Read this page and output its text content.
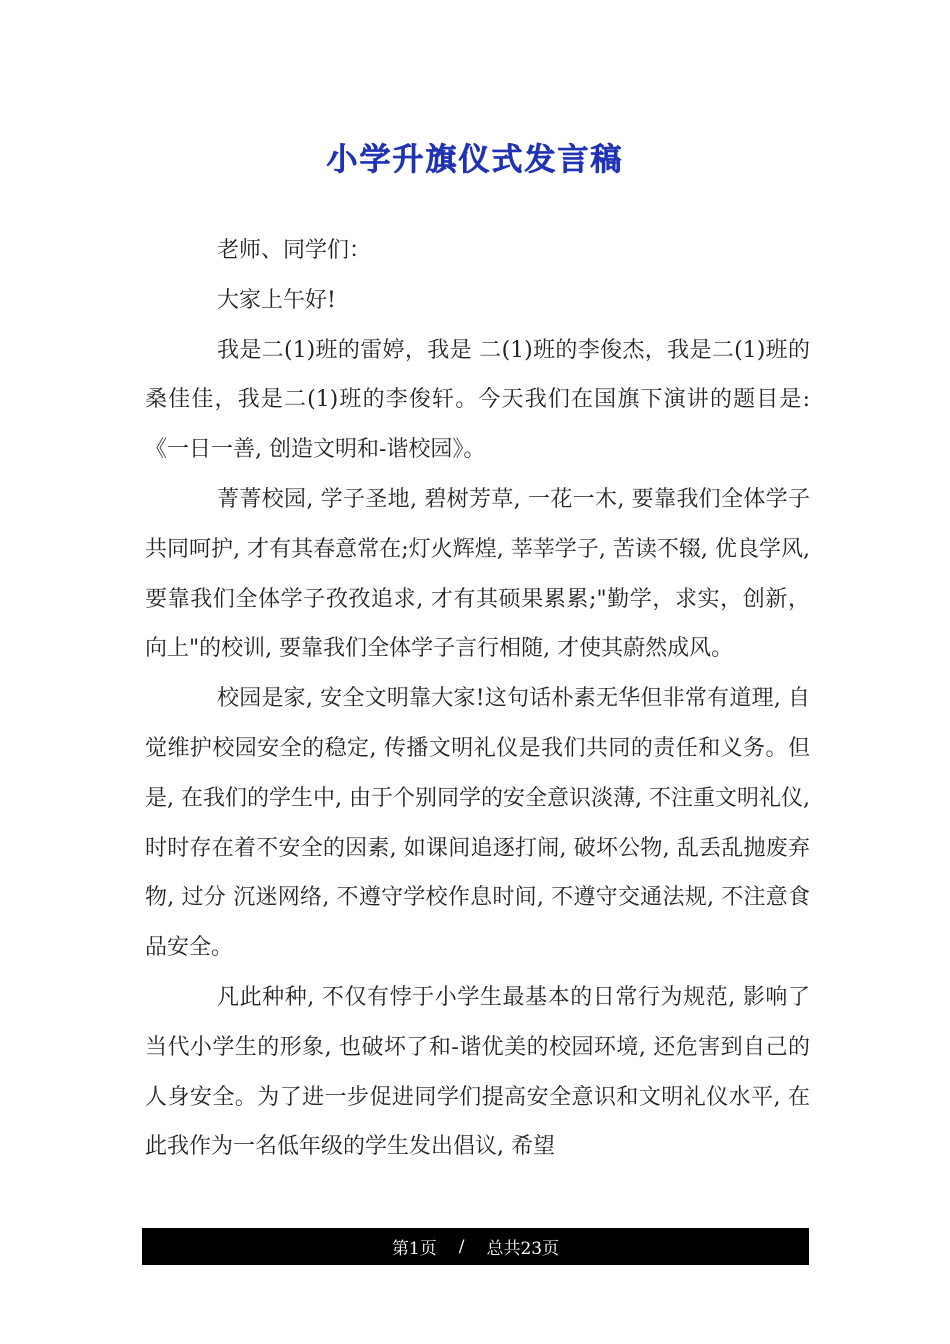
小学升旗仪式发言稿

老师、同学们：

大家上午好!

我是二(1)班的雷婷，我是 二(1)班的李俊杰，我是二(1)班的桑佳佳，我是二(1)班的李俊轩。今天我们在国旗下演讲的题目是:《一日一善, 创造文明和-谐校园》。

菁菁校园, 学子圣地, 碧树芳草, 一花一木, 要靠我们全体学子共同呵护, 才有其春意常在;灯火辉煌, 莘莘学子, 苦读不辍, 优良学风, 要靠我们全体学子孜孜追求, 才有其硕果累累;"勤学，求实，创新，向上"的校训, 要靠我们全体学子言行相随, 才使其蔚然成风。

校园是家, 安全文明靠大家!这句话朴素无华但非常有道理, 自觉维护校园安全的稳定, 传播文明礼仪是我们共同的责任和义务。但是, 在我们的学生中, 由于个别同学的安全意识淡薄, 不注重文明礼仪, 时时存在着不安全的因素, 如课间追逐打闹, 破坏公物, 乱丢乱抛废弃物, 过分 沉迷网络, 不遵守学校作息时间, 不遵守交通法规, 不注意食品安全。

凡此种种, 不仅有悖于小学生最基本的日常行为规范, 影响了当代小学生的形象, 也破坏了和-谐优美的校园环境, 还危害到自己的人身安全。为了进一步促进同学们提高安全意识和文明礼仪水平, 在此我作为一名低年级的学生发出倡议, 希望

第1页 / 总共23页
